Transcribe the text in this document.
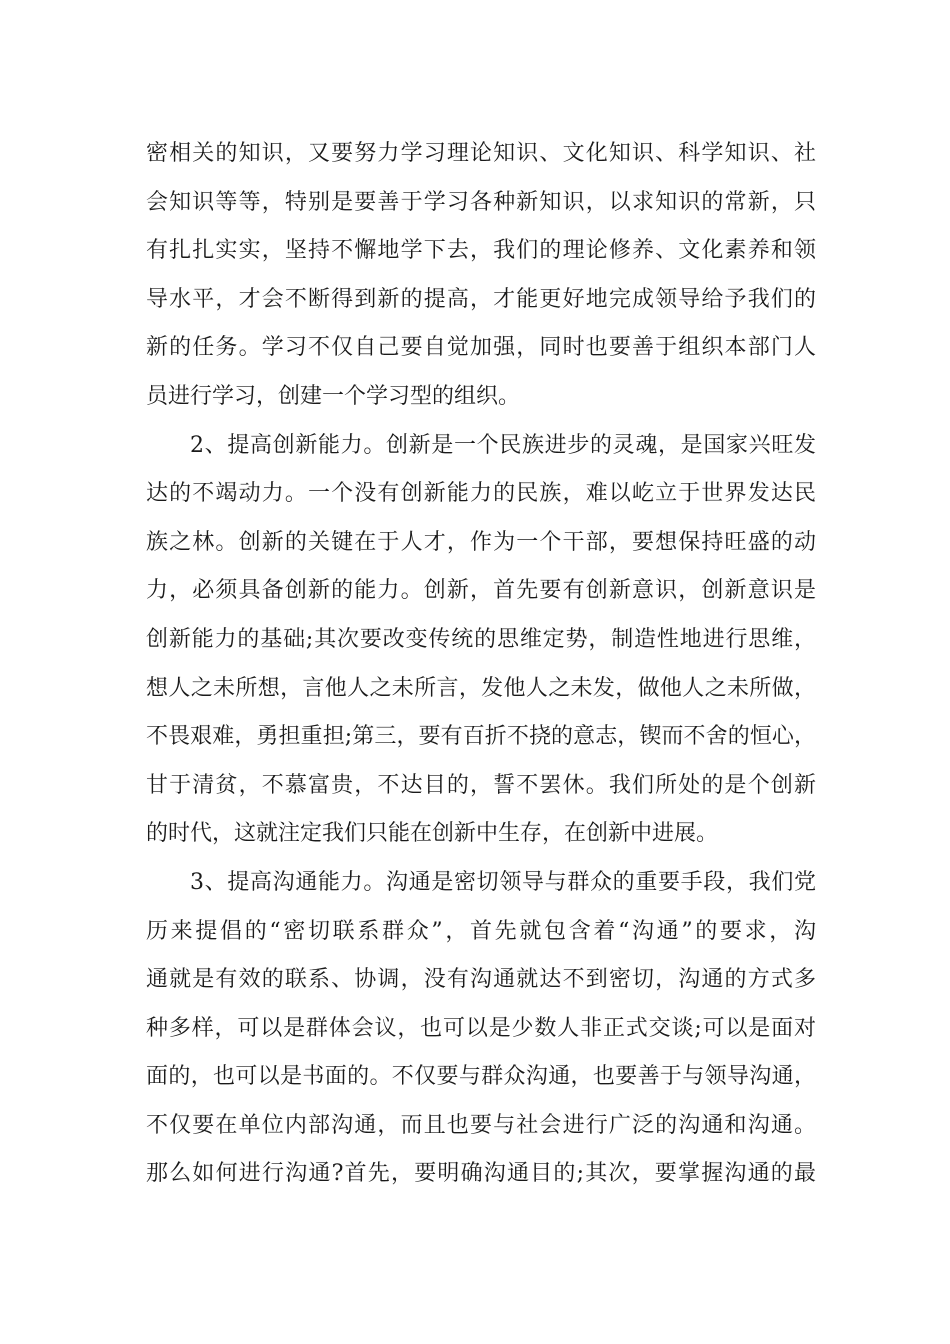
密相关的知识，又要努力学习理论知识、文化知识、科学知识、社
会知识等等，特别是要善于学习各种新知识，以求知识的常新，只
有扎扎实实，坚持不懈地学下去，我们的理论修养、文化素养和领
导水平，才会不断得到新的提高，才能更好地完成领导给予我们的
新的任务。学习不仅自己要自觉加强，同时也要善于组织本部门人
员进行学习，创建一个学习型的组织。
2、提高创新能力。创新是一个民族进步的灵魂，是国家兴旺发
达的不竭动力。一个没有创新能力的民族，难以屹立于世界发达民
族之林。创新的关键在于人才，作为一个干部，要想保持旺盛的动
力，必须具备创新的能力。创新，首先要有创新意识，创新意识是
创新能力的基础;其次要改变传统的思维定势，制造性地进行思维，
想人之未所想，言他人之未所言，发他人之未发，做他人之未所做，
不畏艰难，勇担重担;第三，要有百折不挠的意志，锲而不舍的恒心，
甘于清贫，不慕富贵，不达目的，誓不罢休。我们所处的是个创新
的时代，这就注定我们只能在创新中生存，在创新中进展。
3、提高沟通能力。沟通是密切领导与群众的重要手段，我们党
历来提倡的“密切联系群众”，首先就包含着“沟通”的要求，沟
通就是有效的联系、协调，没有沟通就达不到密切，沟通的方式多
种多样，可以是群体会议，也可以是少数人非正式交谈;可以是面对
面的，也可以是书面的。不仅要与群众沟通，也要善于与领导沟通，
不仅要在单位内部沟通，而且也要与社会进行广泛的沟通和沟通。
那么如何进行沟通?首先，要明确沟通目的;其次，要掌握沟通的最
